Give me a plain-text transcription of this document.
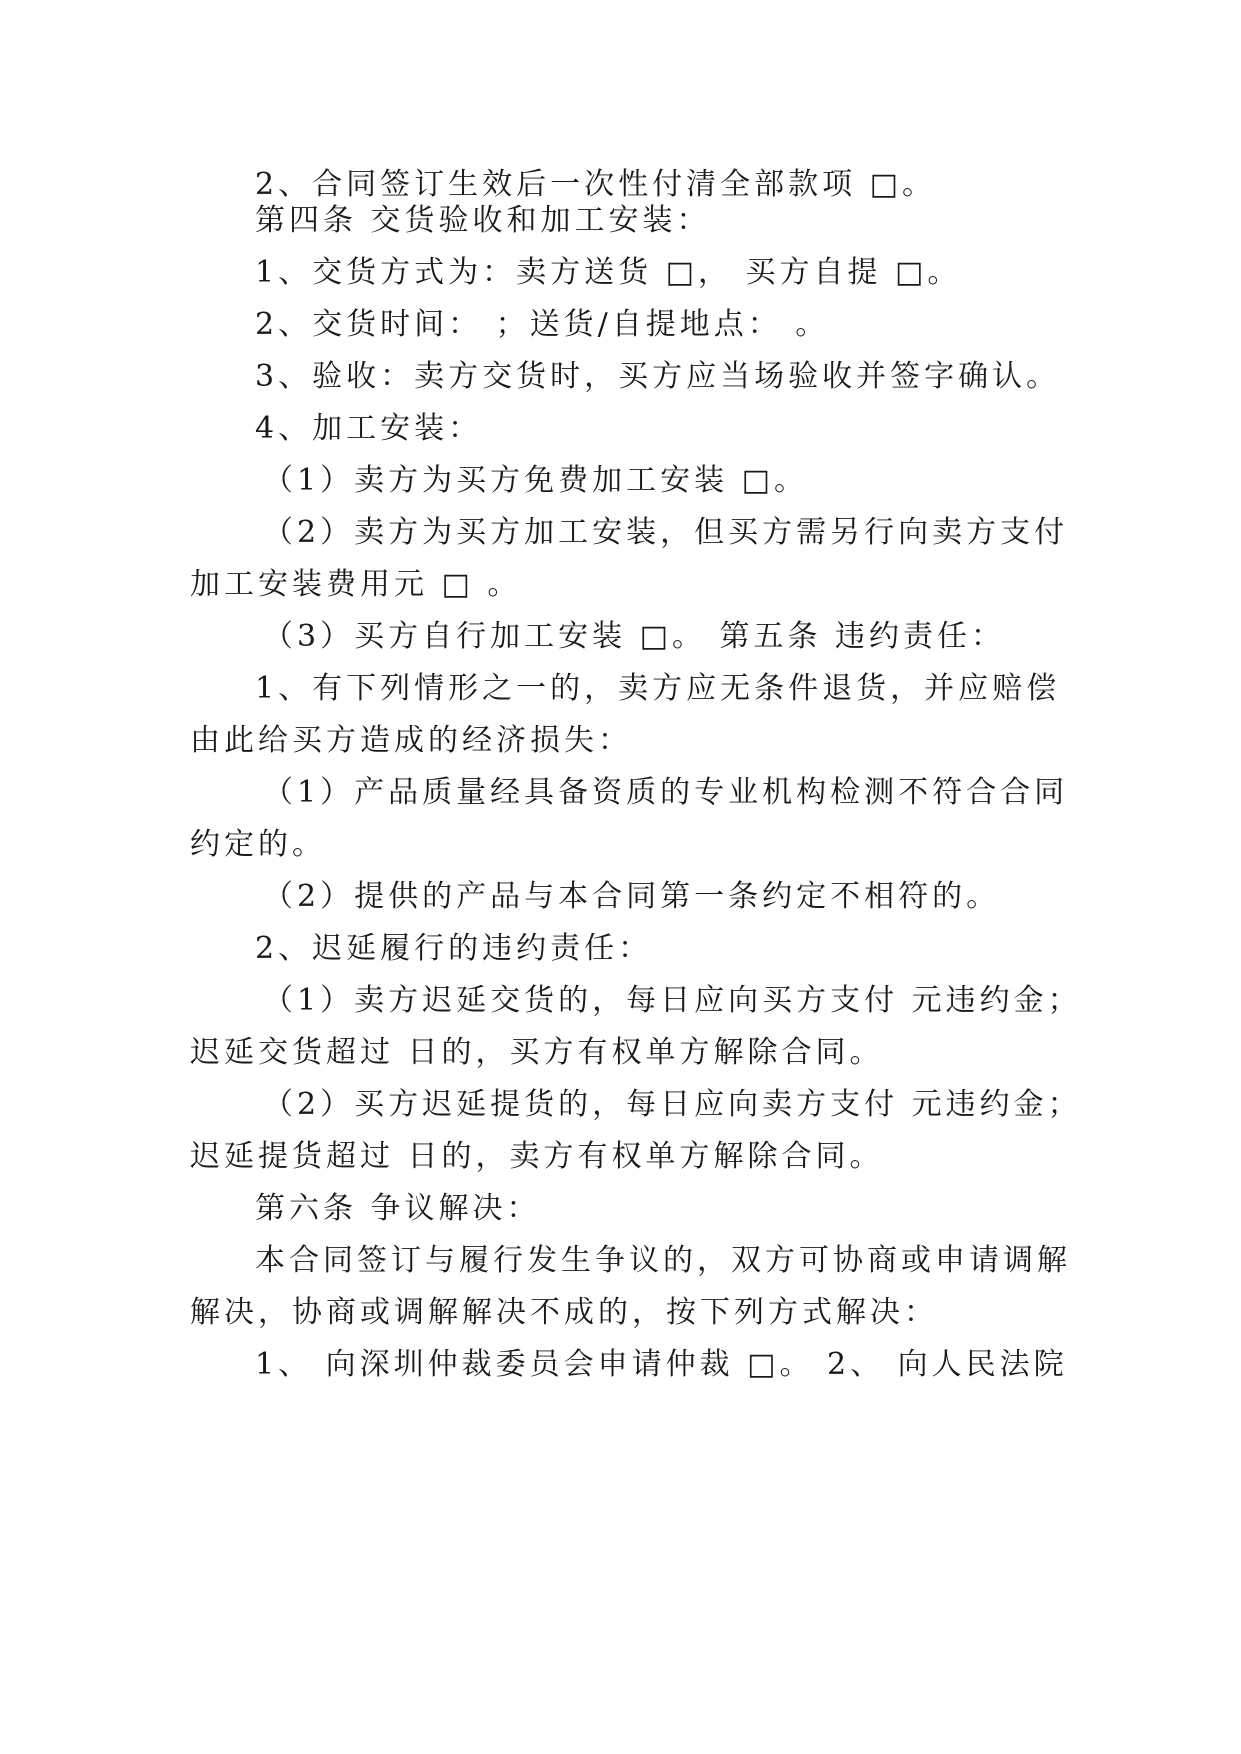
2、合同签订生效后一次性付清全部款项 □。

第四条 交货验收和加工安装：

1、交货方式为：卖方送货 □， 买方自提 □。

2、交货时间： ；送货/自提地点： 。

3、验收：卖方交货时，买方应当场验收并签字确认。

4、加工安装：

（1）卖方为买方免费加工安装 □。

（2）卖方为买方加工安装，但买方需另行向卖方支付

加工安装费用元 □ 。

（3）买方自行加工安装 □。 第五条 违约责任：

1、有下列情形之一的，卖方应无条件退货，并应赔偿

由此给买方造成的经济损失：

（1）产品质量经具备资质的专业机构检测不符合合同

约定的。

（2）提供的产品与本合同第一条约定不相符的。

2、迟延履行的违约责任：

（1）卖方迟延交货的，每日应向买方支付 元违约金；

迟延交货超过 日的，买方有权单方解除合同。

（2）买方迟延提货的，每日应向卖方支付 元违约金；

迟延提货超过 日的，卖方有权单方解除合同。

第六条 争议解决：

本合同签订与履行发生争议的，双方可协商或申请调解

解决，协商或调解解决不成的，按下列方式解决：

1、 向深圳仲裁委员会申请仲裁 □。 2、 向人民法院
